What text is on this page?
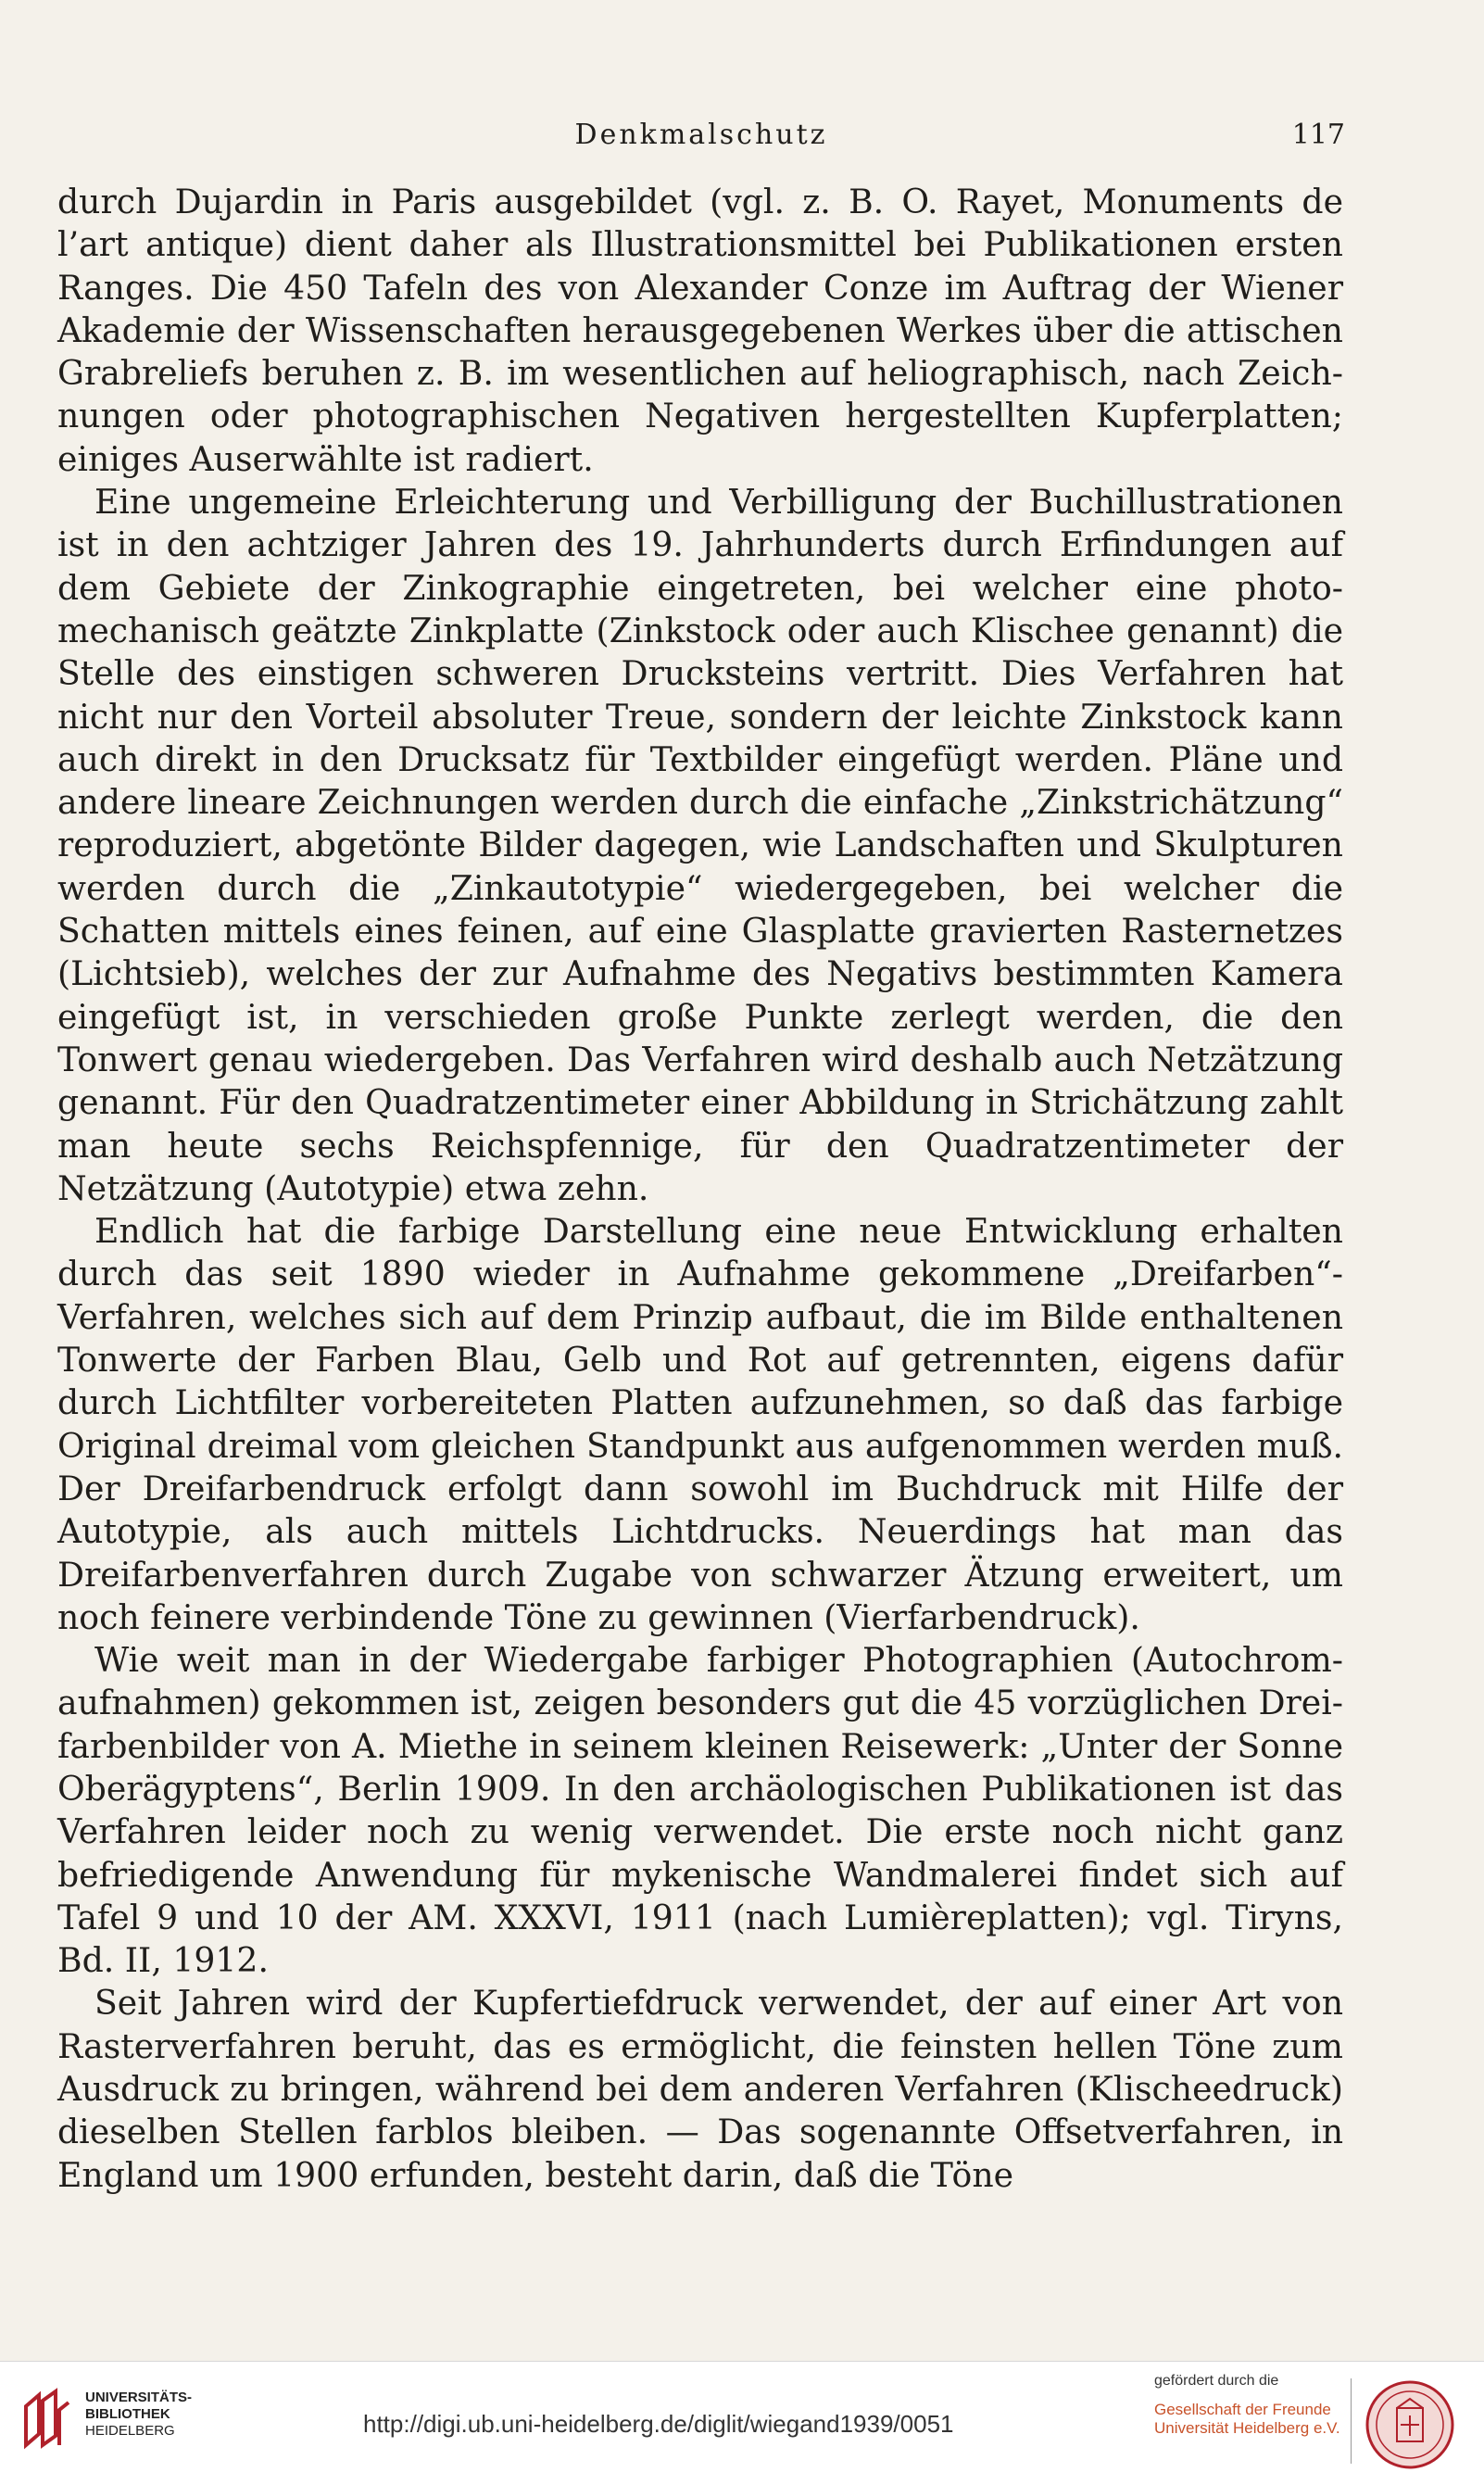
Denkmalschutz	117

durch Dujardin in Paris ausgebildet (vgl. z. B. O. Rayet, Monuments de l’art antique) dient daher als Illustrationsmittel bei Publikationen ersten Ranges. Die 450 Tafeln des von Alexander Conze im Auftrag der Wiener Akademie der Wissenschaften herausgegebenen Werkes über die attischen Grabreliefs beruhen z. B. im wesentlichen auf heliographisch, nach Zeichnungen oder photographischen Negativen hergestellten Kupferplatten; einiges Auserwählte ist radiert.

Eine ungemeine Erleichterung und Verbilligung der Buchillustrationen ist in den achtziger Jahren des 19. Jahrhunderts durch Erfindungen auf dem Gebiete der Zinkographie eingetreten, bei welcher eine photomechanisch geätzte Zinkplatte (Zinkstock oder auch Klischee genannt) die Stelle des einstigen schweren Drucksteins vertritt. Dies Verfahren hat nicht nur den Vorteil absoluter Treue, sondern der leichte Zinkstock kann auch direkt in den Drucksatz für Textbilder eingefügt werden. Pläne und andere lineare Zeichnungen werden durch die einfache „Zinkstrichätzung“ reproduziert, abgetönte Bilder dagegen, wie Landschaften und Skulpturen werden durch die „Zinkautotypie“ wiedergegeben, bei welcher die Schatten mittels eines feinen, auf eine Glasplatte gravierten Rasternetzes (Lichtsieb), welches der zur Aufnahme des Negativs bestimmten Kamera eingefügt ist, in verschieden große Punkte zerlegt werden, die den Tonwert genau wiedergeben. Das Verfahren wird deshalb auch Netzätzung genannt. Für den Quadratzentimeter einer Abbildung in Strichätzung zahlt man heute sechs Reichspfennige, für den Quadratzentimeter der Netzätzung (Autotypie) etwa zehn.

Endlich hat die farbige Darstellung eine neue Entwicklung erhalten durch das seit 1890 wieder in Aufnahme gekommene „Dreifarben“-Verfahren, welches sich auf dem Prinzip aufbaut, die im Bilde enthaltenen Tonwerte der Farben Blau, Gelb und Rot auf getrennten, eigens dafür durch Lichtfilter vorbereiteten Platten aufzunehmen, so daß das farbige Original dreimal vom gleichen Standpunkt aus aufgenommen werden muß. Der Dreifarbendruck erfolgt dann sowohl im Buchdruck mit Hilfe der Autotypie, als auch mittels Lichtdrucks. Neuerdings hat man das Dreifarbenverfahren durch Zugabe von schwarzer Ätzung erweitert, um noch feinere verbindende Töne zu gewinnen (Vierfarbendruck).

Wie weit man in der Wiedergabe farbiger Photographien (Autochromaufnahmen) gekommen ist, zeigen besonders gut die 45 vorzüglichen Dreifarbenbilder von A. Miethe in seinem kleinen Reisewerk: „Unter der Sonne Oberägyptens“, Berlin 1909. In den archäologischen Publikationen ist das Verfahren leider noch zu wenig verwendet. Die erste noch nicht ganz befriedigende Anwendung für mykenische Wandmalerei findet sich auf Tafel 9 und 10 der AM. XXXVI, 1911 (nach Lumièreplatten); vgl. Tiryns, Bd. II, 1912.

Seit Jahren wird der Kupfertiefdruck verwendet, der auf einer Art von Rasterverfahren beruht, das es ermöglicht, die feinsten hellen Töne zum Ausdruck zu bringen, während bei dem anderen Verfahren (Klischeedruck) dieselben Stellen farblos bleiben. — Das sogenannte Offsetverfahren, in England um 1900 erfunden, besteht darin, daß die Töne

UNIVERSITÄTS-
BIBLIOTHEK
HEIDELBERG	http://digi.ub.uni-heidelberg.de/diglit/wiegand1939/0051
gefördert durch die
Gesellschaft der Freunde
Universität Heidelberg e.V.
